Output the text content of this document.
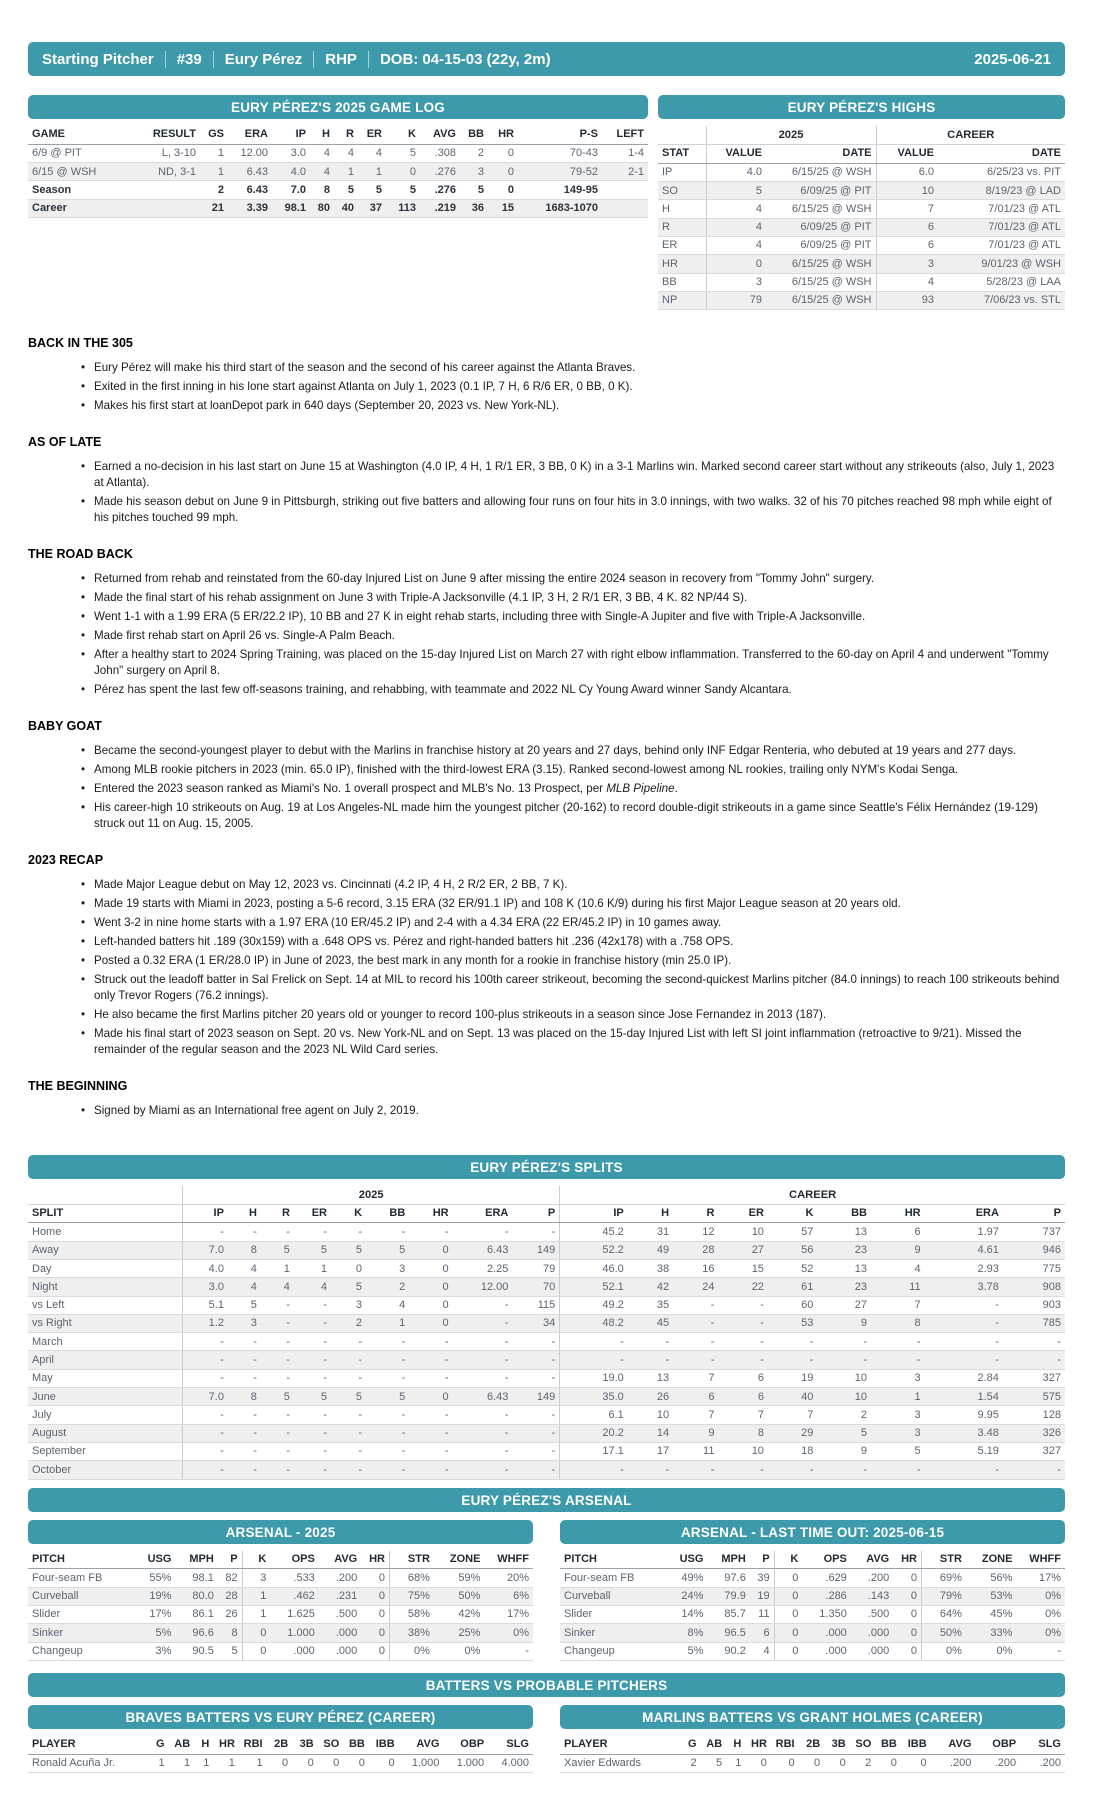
Starting Pitcher #39 Eury Pérez RHP DOB: 04-15-03 (22y, 2m)	2025-06-21
EURY PÉREZ'S 2025 GAME LOG
GAME	RESULT	GS	ERA	IP	H	R	ER	K	AVG	BB	HR	P-S	LEFT
6/9 @ PIT	L, 3-10	1	12.00	3.0	4	4	4	5	.308	2	0	70-43	1-4
6/15 @ WSH	ND, 3-1	1	6.43	4.0	4	1	1	0	.276	3	0	79-52	2-1
Season		2	6.43	7.0	8	5	5	5	.276	5	0	149-95	
Career		21	3.39	98.1	80	40	37	113	.219	36	15	1683-1070	
EURY PÉREZ'S HIGHS
	2025		CAREER	
STAT	VALUE	DATE	VALUE	DATE
IP	4.0	6/15/25 @ WSH	6.0	6/25/23 vs. PIT
SO	5	6/09/25 @ PIT	10	8/19/23 @ LAD
H	4	6/15/25 @ WSH	7	7/01/23 @ ATL
R	4	6/09/25 @ PIT	6	7/01/23 @ ATL
ER	4	6/09/25 @ PIT	6	7/01/23 @ ATL
HR	0	6/15/25 @ WSH	3	9/01/23 @ WSH
BB	3	6/15/25 @ WSH	4	5/28/23 @ LAA
NP	79	6/15/25 @ WSH	93	7/06/23 vs. STL
BACK IN THE 305
• Eury Pérez will make his third start of the season and the second of his career against the Atlanta Braves.
• Exited in the first inning in his lone start against Atlanta on July 1, 2023 (0.1 IP, 7 H, 6 R/6 ER, 0 BB, 0 K).
• Makes his first start at loanDepot park in 640 days (September 20, 2023 vs. New York-NL).
AS OF LATE
• Earned a no-decision in his last start on June 15 at Washington (4.0 IP, 4 H, 1 R/1 ER, 3 BB, 0 K) in a 3-1 Marlins win. Marked second career start without any strikeouts (also, July 1, 2023 at Atlanta).
• Made his season debut on June 9 in Pittsburgh, striking out five batters and allowing four runs on four hits in 3.0 innings, with two walks. 32 of his 70 pitches reached 98 mph while eight of his pitches touched 99 mph.
THE ROAD BACK
• Returned from rehab and reinstated from the 60-day Injured List on June 9 after missing the entire 2024 season in recovery from "Tommy John" surgery.
• Made the final start of his rehab assignment on June 3 with Triple-A Jacksonville (4.1 IP, 3 H, 2 R/1 ER, 3 BB, 4 K. 82 NP/44 S).
• Went 1-1 with a 1.99 ERA (5 ER/22.2 IP), 10 BB and 27 K in eight rehab starts, including three with Single-A Jupiter and five with Triple-A Jacksonville.
• Made first rehab start on April 26 vs. Single-A Palm Beach.
• After a healthy start to 2024 Spring Training, was placed on the 15-day Injured List on March 27 with right elbow inflammation. Transferred to the 60-day on April 4 and underwent "Tommy John" surgery on April 8.
• Pérez has spent the last few off-seasons training, and rehabbing, with teammate and 2022 NL Cy Young Award winner Sandy Alcantara.
BABY GOAT
• Became the second-youngest player to debut with the Marlins in franchise history at 20 years and 27 days, behind only INF Edgar Renteria, who debuted at 19 years and 277 days.
• Among MLB rookie pitchers in 2023 (min. 65.0 IP), finished with the third-lowest ERA (3.15). Ranked second-lowest among NL rookies, trailing only NYM's Kodai Senga.
• Entered the 2023 season ranked as Miami's No. 1 overall prospect and MLB's No. 13 Prospect, per MLB Pipeline.
• His career-high 10 strikeouts on Aug. 19 at Los Angeles-NL made him the youngest pitcher (20-162) to record double-digit strikeouts in a game since Seattle's Félix Hernández (19-129) struck out 11 on Aug. 15, 2005.
2023 RECAP
• Made Major League debut on May 12, 2023 vs. Cincinnati (4.2 IP, 4 H, 2 R/2 ER, 2 BB, 7 K).
• Made 19 starts with Miami in 2023, posting a 5-6 record, 3.15 ERA (32 ER/91.1 IP) and 108 K (10.6 K/9) during his first Major League season at 20 years old.
• Went 3-2 in nine home starts with a 1.97 ERA (10 ER/45.2 IP) and 2-4 with a 4.34 ERA (22 ER/45.2 IP) in 10 games away.
• Left-handed batters hit .189 (30x159) with a .648 OPS vs. Pérez and right-handed batters hit .236 (42x178) with a .758 OPS.
• Posted a 0.32 ERA (1 ER/28.0 IP) in June of 2023, the best mark in any month for a rookie in franchise history (min 25.0 IP).
• Struck out the leadoff batter in Sal Frelick on Sept. 14 at MIL to record his 100th career strikeout, becoming the second-quickest Marlins pitcher (84.0 innings) to reach 100 strikeouts behind only Trevor Rogers (76.2 innings).
• He also became the first Marlins pitcher 20 years old or younger to record 100-plus strikeouts in a season since Jose Fernandez in 2013 (187).
• Made his final start of 2023 season on Sept. 20 vs. New York-NL and on Sept. 13 was placed on the 15-day Injured List with left SI joint inflammation (retroactive to 9/21). Missed the remainder of the regular season and the 2023 NL Wild Card series.
THE BEGINNING
• Signed by Miami as an International free agent on July 2, 2019.
EURY PÉREZ'S SPLITS
	2025									CAREER								
SPLIT	IP	H	R	ER	K	BB	HR	ERA	P	IP	H	R	ER	K	BB	HR	ERA	P
Home	-	-	-	-	-	-	-	-	-	45.2	31	12	10	57	13	6	1.97	737
Away	7.0	8	5	5	5	5	0	6.43	149	52.2	49	28	27	56	23	9	4.61	946
Day	4.0	4	1	1	0	3	0	2.25	79	46.0	38	16	15	52	13	4	2.93	775
Night	3.0	4	4	4	5	2	0	12.00	70	52.1	42	24	22	61	23	11	3.78	908
vs Left	5.1	5	-	-	3	4	0	-	115	49.2	35	-	-	60	27	7	-	903
vs Right	1.2	3	-	-	2	1	0	-	34	48.2	45	-	-	53	9	8	-	785
March	-	-	-	-	-	-	-	-	-	-	-	-	-	-	-	-	-	-
April	-	-	-	-	-	-	-	-	-	-	-	-	-	-	-	-	-	-
May	-	-	-	-	-	-	-	-	-	19.0	13	7	6	19	10	3	2.84	327
June	7.0	8	5	5	5	5	0	6.43	149	35.0	26	6	6	40	10	1	1.54	575
July	-	-	-	-	-	-	-	-	-	6.1	10	7	7	7	2	3	9.95	128
August	-	-	-	-	-	-	-	-	-	20.2	14	9	8	29	5	3	3.48	326
September	-	-	-	-	-	-	-	-	-	17.1	17	11	10	18	9	5	5.19	327
October	-	-	-	-	-	-	-	-	-	-	-	-	-	-	-	-	-	-
EURY PÉREZ'S ARSENAL
ARSENAL - 2025
PITCH	USG	MPH	P	K	OPS	AVG	HR	STR	ZONE	WHFF
Four-seam FB	55%	98.1	82	3	.533	.200	0	68%	59%	20%
Curveball	19%	80.0	28	1	.462	.231	0	75%	50%	6%
Slider	17%	86.1	26	1	1.625	.500	0	58%	42%	17%
Sinker	5%	96.6	8	0	1.000	.000	0	38%	25%	0%
Changeup	3%	90.5	5	0	.000	.000	0	0%	0%	-
ARSENAL - LAST TIME OUT: 2025-06-15
PITCH	USG	MPH	P	K	OPS	AVG	HR	STR	ZONE	WHFF
Four-seam FB	49%	97.6	39	0	.629	.200	0	69%	56%	17%
Curveball	24%	79.9	19	0	.286	.143	0	79%	53%	0%
Slider	14%	85.7	11	0	1.350	.500	0	64%	45%	0%
Sinker	8%	96.5	6	0	.000	.000	0	50%	33%	0%
Changeup	5%	90.2	4	0	.000	.000	0	0%	0%	-
BATTERS VS PROBABLE PITCHERS
BRAVES BATTERS VS EURY PÉREZ (CAREER)
PLAYER	G	AB	H	HR	RBI	2B	3B	SO	BB	IBB	AVG	OBP	SLG
Ronald Acuña Jr.	1	1	1	1	1	0	0	0	0	0	1.000	1.000	4.000
MARLINS BATTERS VS GRANT HOLMES (CAREER)
PLAYER	G	AB	H	HR	RBI	2B	3B	SO	BB	IBB	AVG	OBP	SLG
Xavier Edwards	2	5	1	0	0	0	0	2	0	0	.200	.200	.200
